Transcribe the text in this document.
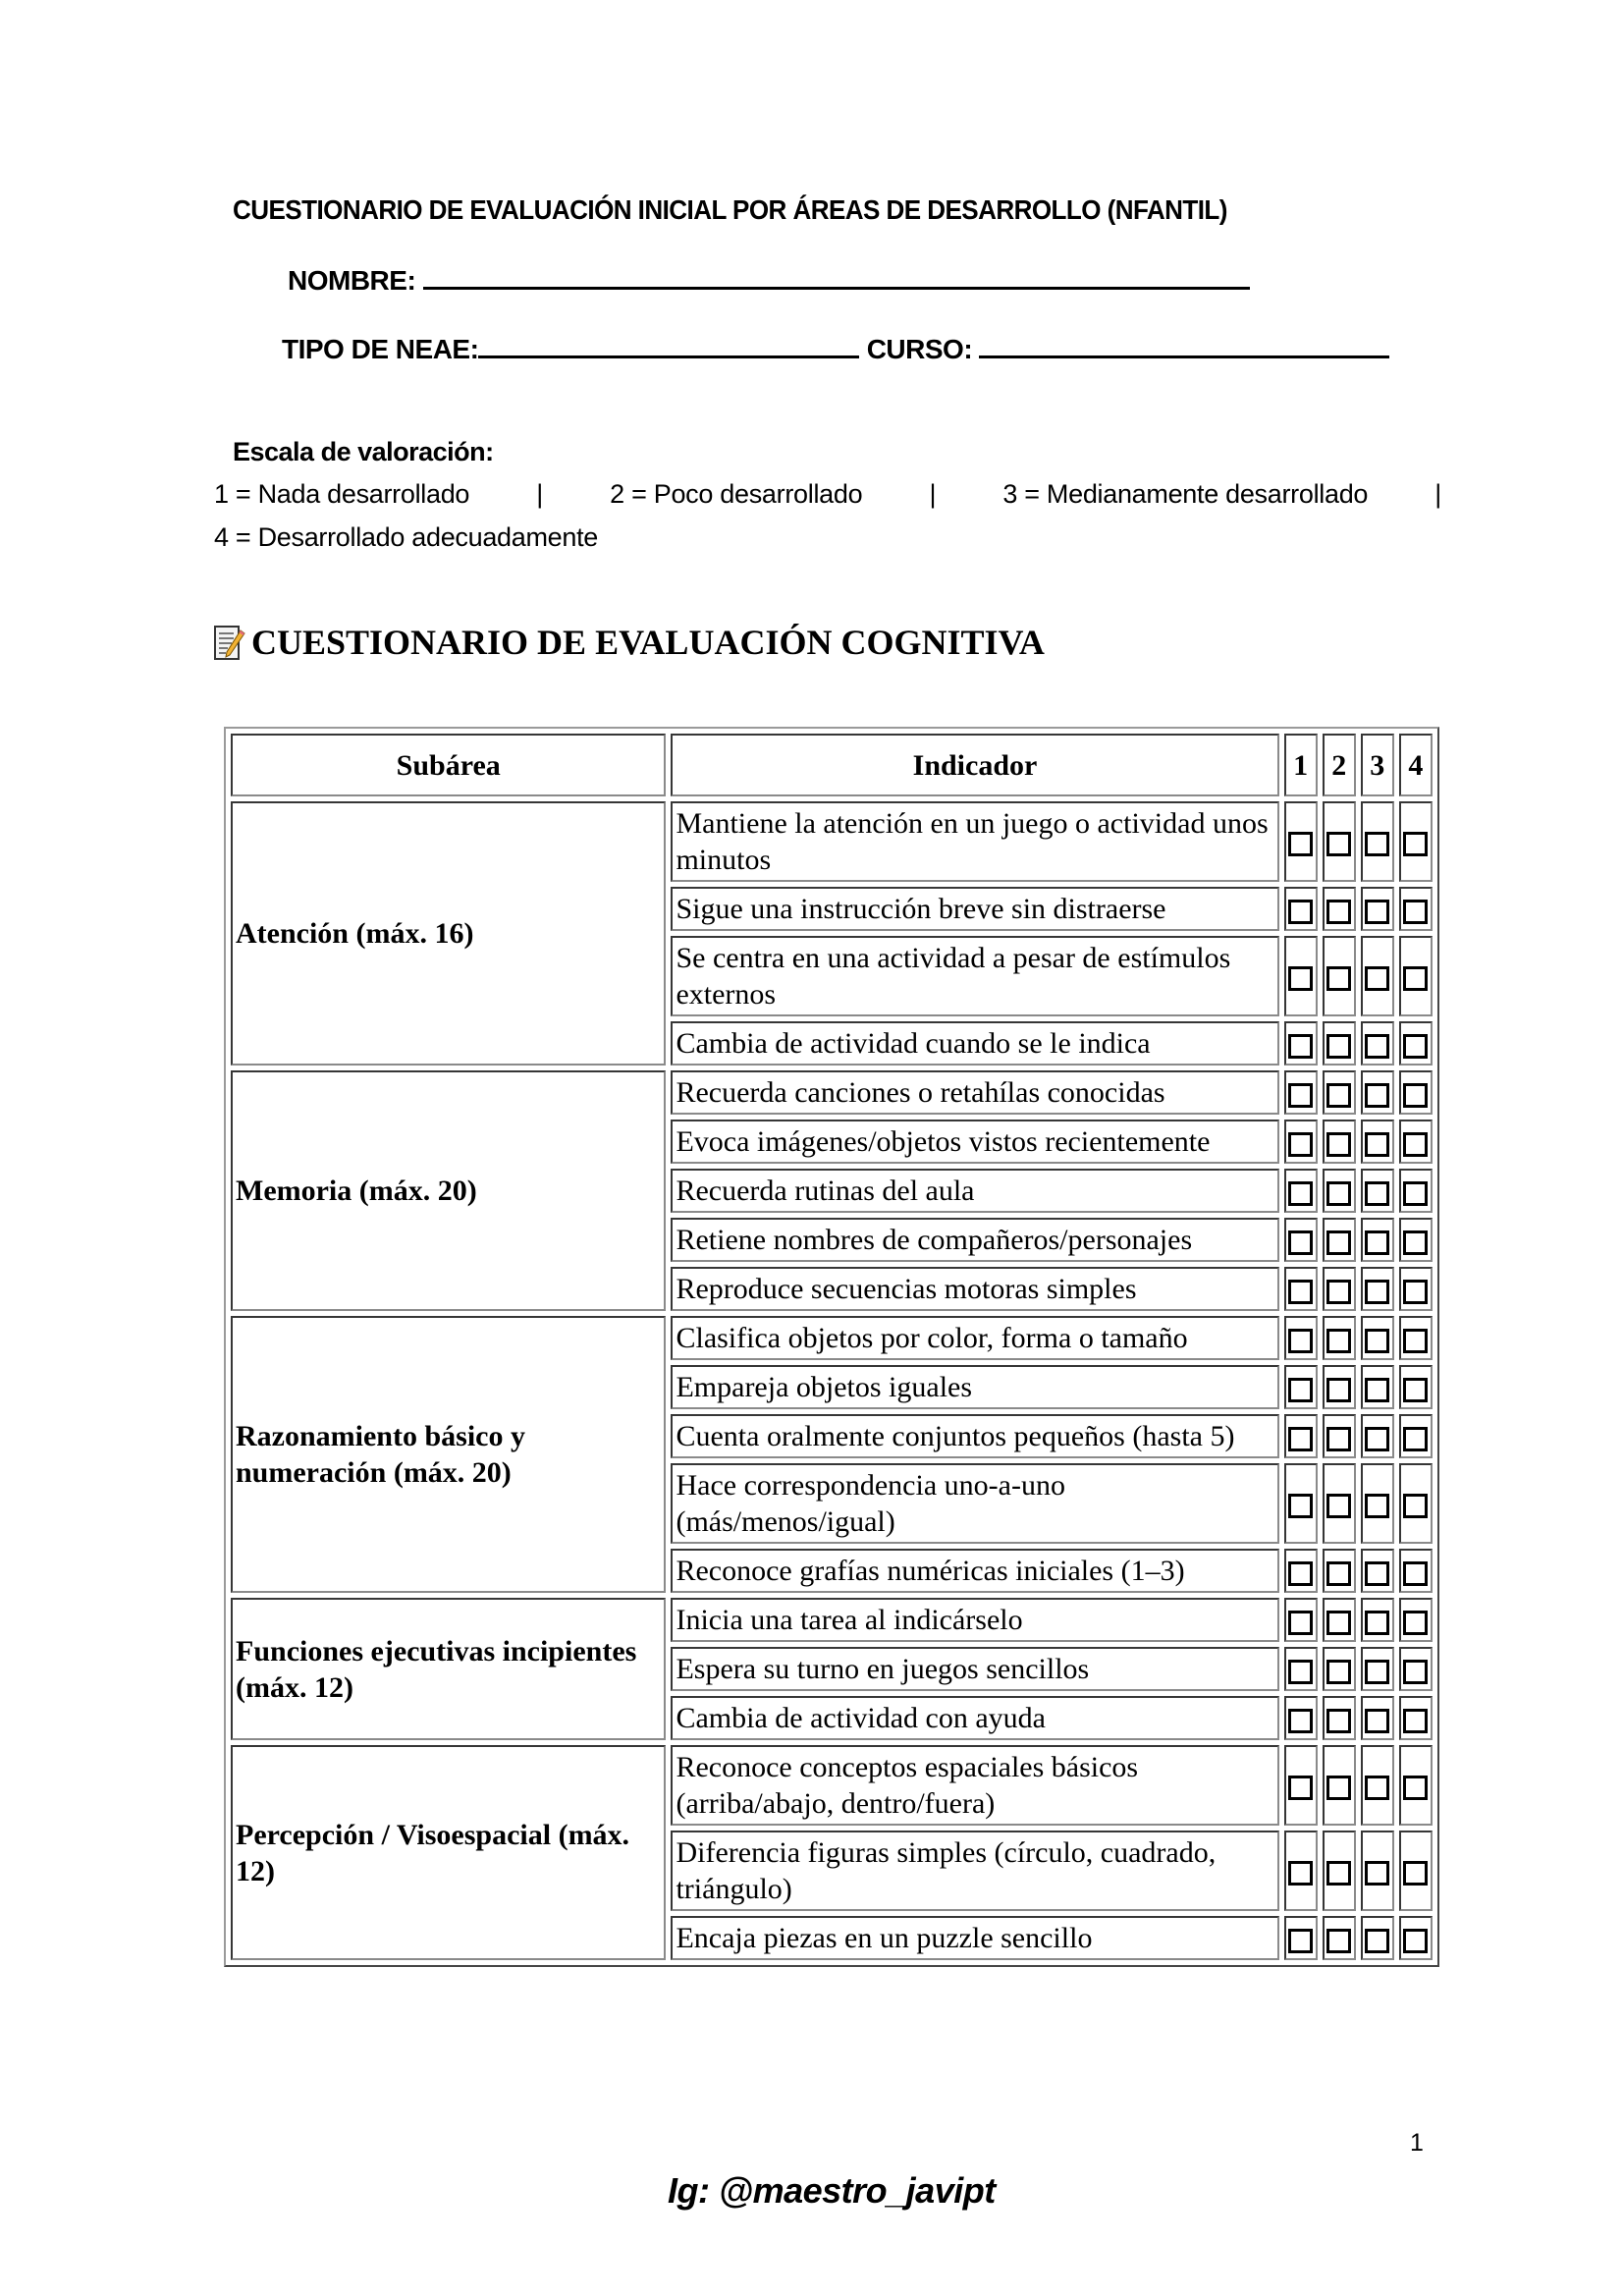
CUESTIONARIO DE EVALUACIÓN INICIAL POR ÁREAS DE DESARROLLO (NFANTIL)
NOMBRE:
TIPO DE NEAE:	CURSO:
Escala de valoración:
1 = Nada desarrollado	|	2 = Poco desarrollado	|	3 = Medianamente desarrollado	|
4 = Desarrollado adecuadamente
CUESTIONARIO DE EVALUACIÓN COGNITIVA
Subárea	Indicador	1	2	3	4
Atención (máx. 16)	Mantiene la atención en un juego o actividad unos minutos				
	Sigue una instrucción breve sin distraerse				
	Se centra en una actividad a pesar de estímulos externos				
	Cambia de actividad cuando se le indica				
Memoria (máx. 20)	Recuerda canciones o retahílas conocidas				
	Evoca imágenes/objetos vistos recientemente				
	Recuerda rutinas del aula				
	Retiene nombres de compañeros/personajes				
	Reproduce secuencias motoras simples				
Razonamiento básico y numeración (máx. 20)	Clasifica objetos por color, forma o tamaño				
	Empareja objetos iguales				
	Cuenta oralmente conjuntos pequeños (hasta 5)				
	Hace correspondencia uno-a-uno (más/menos/igual)				
	Reconoce grafías numéricas iniciales (1–3)				
Funciones ejecutivas incipientes (máx. 12)	Inicia una tarea al indicárselo				
	Espera su turno en juegos sencillos				
	Cambia de actividad con ayuda				
Percepción / Visoespacial (máx. 12)	Reconoce conceptos espaciales básicos (arriba/abajo, dentro/fuera)				
	Diferencia figuras simples (círculo, cuadrado, triángulo)				
	Encaja piezas en un puzzle sencillo				
1
Ig: @maestro_javipt
